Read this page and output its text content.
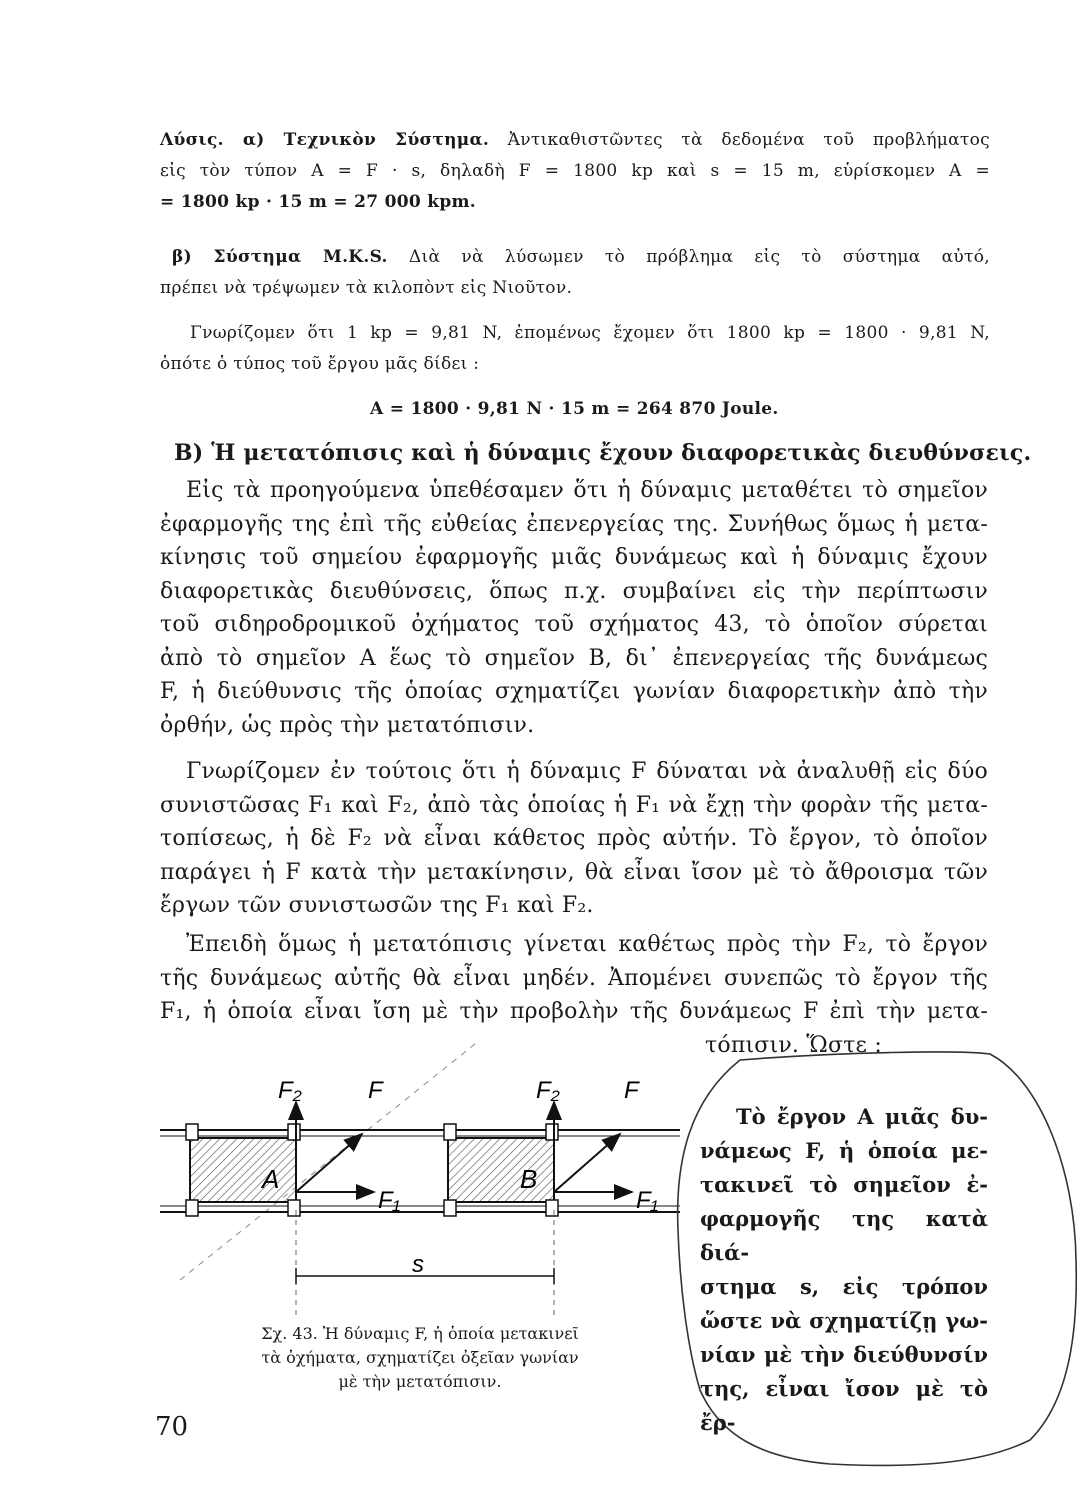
Λύσις. α) Τεχνικὸν Σύστημα. Ἀντικαθιστῶντες τὰ δεδομένα τοῦ προβλήματος
εἰς τὸν τύπον A = F · s, δηλαδὴ F = 1800 kp καὶ s = 15 m, εὑρίσκομεν A =
= 1800 kp · 15 m = 27 000 kpm.
β) Σύστημα M.K.S. Διὰ νὰ λύσωμεν τὸ πρόβλημα εἰς τὸ σύστημα αὐτό,
πρέπει νὰ τρέψωμεν τὰ κιλοπὸντ εἰς Νιοῦτον.
Γνωρίζομεν ὅτι 1 kp = 9,81 N, ἐπομένως ἔχομεν ὅτι 1800 kp = 1800 · 9,81 N,
ὁπότε ὁ τύπος τοῦ ἔργου μᾶς δίδει :
A = 1800 · 9,81 N · 15 m = 264 870 Joule.
B) Ἡ μετατόπισις καὶ ἡ δύναμις ἔχουν διαφορετικὰς διευθύνσεις.
Εἰς τὰ προηγούμενα ὑπεθέσαμεν ὅτι ἡ δύναμις μεταθέτει τὸ σημεῖον
ἐφαρμογῆς της ἐπὶ τῆς εὐθείας ἐπενεργείας της. Συνήθως ὅμως ἡ μετα-
κίνησις τοῦ σημείου ἐφαρμογῆς μιᾶς δυνάμεως καὶ ἡ δύναμις ἔχουν
διαφορετικὰς διευθύνσεις, ὅπως π.χ. συμβαίνει εἰς τὴν περίπτωσιν
τοῦ σιδηροδρομικοῦ ὀχήματος τοῦ σχήματος 43, τὸ ὁποῖον σύρεται
ἀπὸ τὸ σημεῖον A ἕως τὸ σημεῖον B, δι᾿ ἐπενεργείας τῆς δυνάμεως
F, ἡ διεύθυνσις τῆς ὁποίας σχηματίζει γωνίαν διαφορετικὴν ἀπὸ τὴν
ὀρθήν, ὡς πρὸς τὴν μετατόπισιν.
Γνωρίζομεν ἐν τούτοις ὅτι ἡ δύναμις F δύναται νὰ ἀναλυθῇ εἰς δύο
συνιστῶσας F₁ καὶ F₂, ἀπὸ τὰς ὁποίας ἡ F₁ νὰ ἔχῃ τὴν φορὰν τῆς μετα-
τοπίσεως, ἡ δὲ F₂ νὰ εἶναι κάθετος πρὸς αὐτήν. Τὸ ἔργον, τὸ ὁποῖον
παράγει ἡ F κατὰ τὴν μετακίνησιν, θὰ εἶναι ἴσον μὲ τὸ ἄθροισμα τῶν
ἔργων τῶν συνιστωσῶν της F₁ καὶ F₂.
Ἐπειδὴ ὅμως ἡ μετατόπισις γίνεται καθέτως πρὸς τὴν F₂, τὸ ἔργον
τῆς δυνάμεως αὐτῆς θὰ εἶναι μηδέν. Ἀπομένει συνεπῶς τὸ ἔργον τῆς
F₁, ἡ ὁποία εἶναι ἴση μὲ τὴν προβολὴν τῆς δυνάμεως F ἐπὶ τὴν μετα-
τόπισιν. Ὥστε :
F₂	F
F₁
A
F₂	F
F₁
B
s
Σχ. 43. Ἡ δύναμις F, ἡ ὁποία μετακινεῖ
τὰ ὀχήματα, σχηματίζει ὀξεῖαν γωνίαν
μὲ τὴν μετατόπισιν.
Τὸ ἔργον A μιᾶς δυ-
νάμεως F, ἡ ὁποία με-
τακινεῖ τὸ σημεῖον ἐ-
φαρμογῆς της κατὰ διά-
στημα s, εἰς τρόπον
ὥστε νὰ σχηματίζῃ γω-
νίαν μὲ τὴν διεύθυνσίν
της, εἶναι ἴσον μὲ τὸ ἔρ-
70
